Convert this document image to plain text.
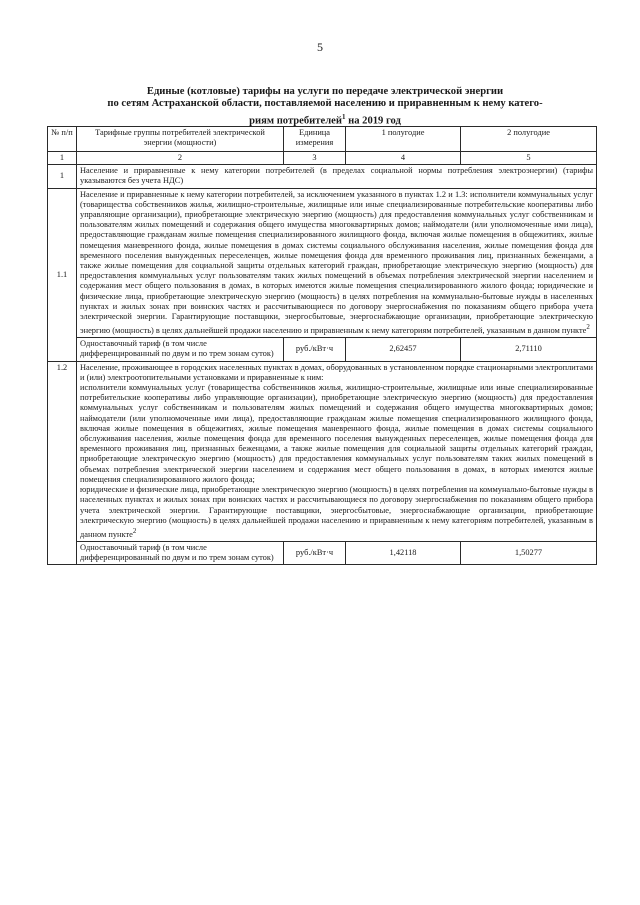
5
Единые (котловые) тарифы на услуги по передаче электрической энергии
по сетям Астраханской области, поставляемой населению и приравненным к нему катего-
риям потребителей$^1$ на 2019 год
№ п/п	Тарифные группы потребителей электрической энергии (мощности)	Единица измерения	1 полугодие	2 полугодие
1	2	3	4	5
1	Население и приравненные к нему категории потребителей (в пределах социальной нормы потребления электроэнергии) (тарифы указываются без учета НДС)			
1.1	Население и приравненные к нему категории потребителей, за исключением указанного в пунктах 1.2 и 1.3: исполнители коммунальных услуг (товарищества собственников жилья, жилищно-строительные, жилищные или иные специализированные потребительские кооперативы либо управляющие организации), приобретающие электрическую энергию (мощность) для предоставления коммунальных услуг собственникам и пользователям жилых помещений и содержания общего имущества многоквартирных домов; наймодатели (или уполномоченные ими лица), предоставляющие гражданам жилые помещения специализированного жилищного фонда, включая жилые помещения в общежитиях, жилые помещения маневренного фонда, жилые помещения в домах системы социального обслуживания населения, жилые помещения фонда для временного поселения вынужденных переселенцев, жилые помещения фонда для временного проживания лиц, признанных беженцами, а также жилые помещения для социальной защиты отдельных категорий граждан, приобретающие электрическую энергию (мощность) для предоставления коммунальных услуг пользователям таких жилых помещений в объемах потребления электрической энергии населением и содержания мест общего пользования в домах, в которых имеются жилые помещения специализированного жилого фонда; юридические и физические лица, приобретающие электрическую энергию (мощность) в целях потребления на коммунально-бытовые нужды в населенных пунктах и жилых зонах при воинских частях и рассчитывающиеся по договору энергоснабжения по показаниям общего прибора учета электрической энергии. Гарантирующие поставщики, энергосбытовые, энергоснабжающие организации, приобретающие электрическую энергию (мощность) в целях дальнейшей продажи населению и приравненным к нему категориям потребителей, указанным в данном пункте$^2$
	Одноставочный тариф (в том числе дифференцированный по двум и по трем зонам суток)	руб./кВт·ч	2,62457	2,71110
1.2	Население, проживающее в городских населенных пунктах в домах, оборудованных в установленном порядке стационарными электроплитами и (или) электроотопительными установками и приравненные к ним:
исполнители коммунальных услуг (товарищества собственников жилья, жилищно-строительные, жилищные или иные специализированные потребительские кооперативы либо управляющие организации), приобретающие электрическую энергию (мощность) для предоставления коммунальных услуг собственникам и пользователям жилых помещений и содержания общего имущества многоквартирных домов; наймодатели (или уполномоченные ими лица), предоставляющие гражданам жилые помещения специализированного жилищного фонда, включая жилые помещения в общежитиях, жилые помещения маневренного фонда, жилые помещения в домах системы социального обслуживания населения, жилые помещения фонда для временного поселения вынужденных переселенцев, жилые помещения фонда для временного проживания лиц, признанных беженцами, а также жилые помещения для социальной защиты отдельных категорий граждан, приобретающие электрическую энергию (мощность) для предоставления коммунальных услуг пользователям таких жилых помещений в объемах потребления электрической энергии населением и содержания мест общего пользования в домах, в которых имеются жилые помещения специализированного жилого фонда;
юридические и физические лица, приобретающие электрическую энергию (мощность) в целях потребления на коммунально-бытовые нужды в населенных пунктах и жилых зонах при воинских частях и рассчитывающиеся по договору энергоснабжения по показаниям общего прибора учета электрической энергии. Гарантирующие поставщики, энергосбытовые, энергоснабжающие организации, приобретающие электрическую энергию (мощность) в целях дальнейшей продажи населению и приравненным к нему категориям потребителей, указанным в данном пункте$^2$

	Одноставочный тариф (в том числе дифференцированный по двум и по трем зонам суток)	руб./кВт·ч	1,42118	1,50277
